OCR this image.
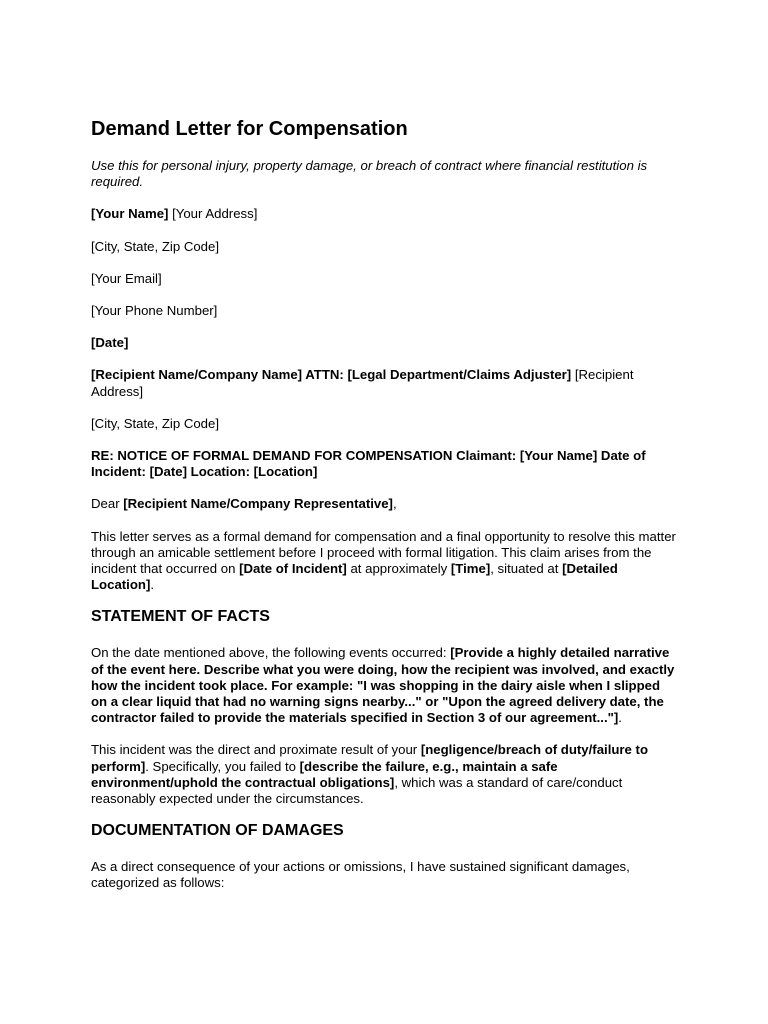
Demand Letter for Compensation

Use this for personal injury, property damage, or breach of contract where financial restitution is required.

[Your Name] [Your Address]

[City, State, Zip Code]

[Your Email]

[Your Phone Number]

[Date]

[Recipient Name/Company Name] ATTN: [Legal Department/Claims Adjuster] [Recipient Address]

[City, State, Zip Code]

RE: NOTICE OF FORMAL DEMAND FOR COMPENSATION Claimant: [Your Name] Date of Incident: [Date] Location: [Location]

Dear [Recipient Name/Company Representative],

This letter serves as a formal demand for compensation and a final opportunity to resolve this matter through an amicable settlement before I proceed with formal litigation. This claim arises from the incident that occurred on [Date of Incident] at approximately [Time], situated at [Detailed Location].

STATEMENT OF FACTS

On the date mentioned above, the following events occurred: [Provide a highly detailed narrative of the event here. Describe what you were doing, how the recipient was involved, and exactly how the incident took place. For example: "I was shopping in the dairy aisle when I slipped on a clear liquid that had no warning signs nearby..." or "Upon the agreed delivery date, the contractor failed to provide the materials specified in Section 3 of our agreement..."].

This incident was the direct and proximate result of your [negligence/breach of duty/failure to perform]. Specifically, you failed to [describe the failure, e.g., maintain a safe environment/uphold the contractual obligations], which was a standard of care/conduct reasonably expected under the circumstances.

DOCUMENTATION OF DAMAGES

As a direct consequence of your actions or omissions, I have sustained significant damages, categorized as follows:
